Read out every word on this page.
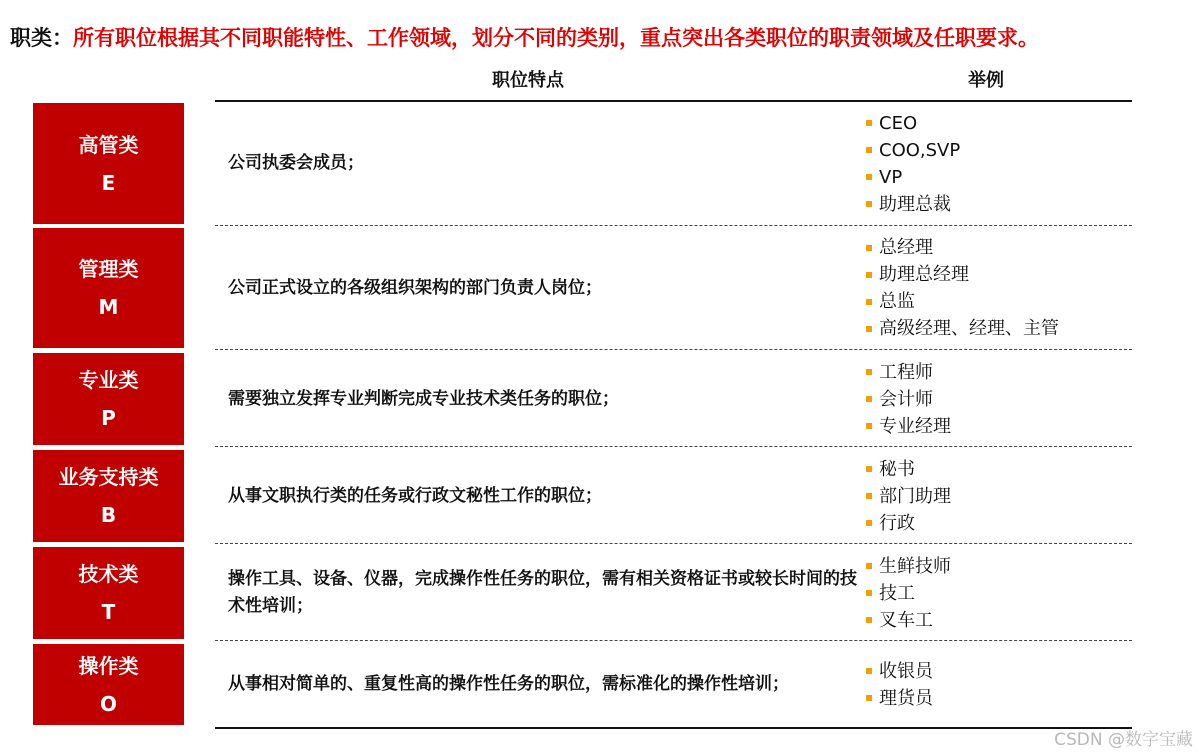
职类：所有职位根据其不同职能特性、工作领域，划分不同的类别，重点突出各类职位的职责领域及任职要求。
职位特点	举例
高管类
E
公司执委会成员；
CEO
COO,SVP
VP
助理总裁
管理类
M
公司正式设立的各级组织架构的部门负责人岗位；
总经理
助理总经理
总监
高级经理、经理、主管
专业类
P
需要独立发挥专业判断完成专业技术类任务的职位；
工程师
会计师
专业经理
业务支持类
B
从事文职执行类的任务或行政文秘性工作的职位；
秘书
部门助理
行政
技术类
T
操作工具、设备、仪器，完成操作性任务的职位，需有相关资格证书或较长时间的技术性培训；
生鲜技师
技工
叉车工
操作类
O
从事相对简单的、重复性高的操作性任务的职位，需标准化的操作性培训；
收银员
理货员
CSDN @数字宝藏
